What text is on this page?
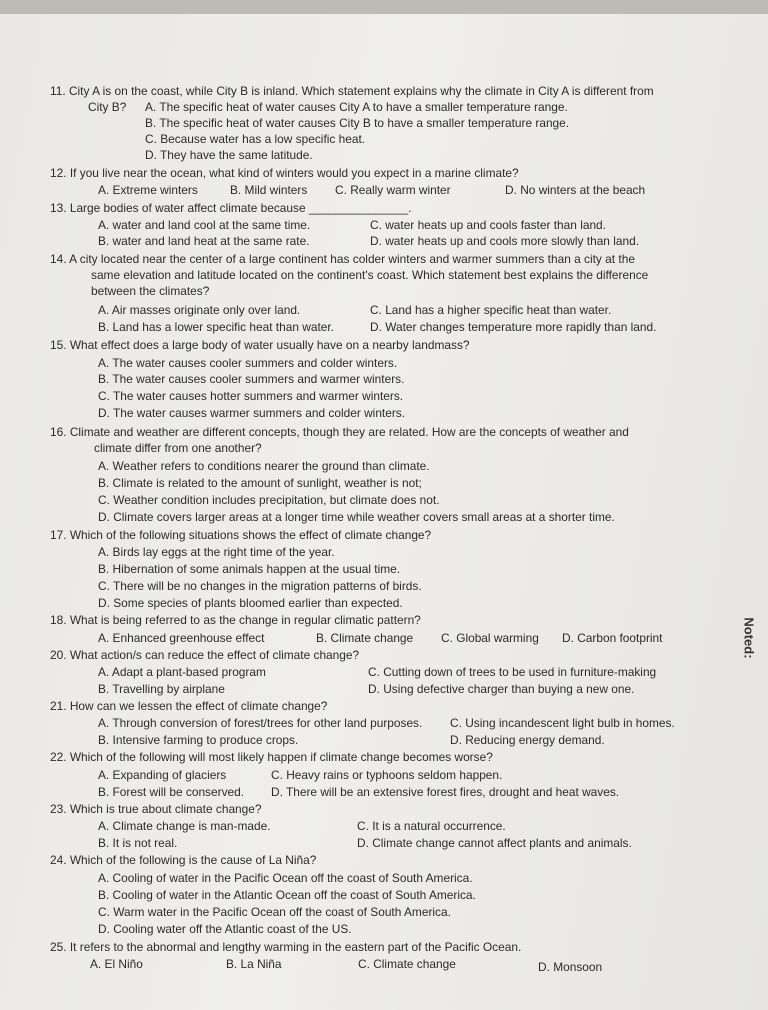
11. City A is on the coast, while City B is inland. Which statement explains why the climate in City A is different from
City B? A. The specific heat of water causes City A to have a smaller temperature range.
B. The specific heat of water causes City B to have a smaller temperature range.
C. Because water has a low specific heat.
D. They have the same latitude.
12. If you live near the ocean, what kind of winters would you expect in a marine climate?
A. Extreme winters	B. Mild winters C. Really warm winter	D. No winters at the beach
13. Large bodies of water affect climate because _______________.
A. water and land cool at the same time.	C. water heats up and cools faster than land.
B. water and land heat at the same rate.	D. water heats up and cools more slowly than land.
14. A city located near the center of a large continent has colder winters and warmer summers than a city at the
same elevation and latitude located on the continent's coast. Which statement best explains the difference
between the climates?
A. Air masses originate only over land.	C. Land has a higher specific heat than water.
B. Land has a lower specific heat than water.	D. Water changes temperature more rapidly than land.
15. What effect does a large body of water usually have on a nearby landmass?
A. The water causes cooler summers and colder winters.
B. The water causes cooler summers and warmer winters.
C. The water causes hotter summers and warmer winters.
D. The water causes warmer summers and colder winters.
16. Climate and weather are different concepts, though they are related. How are the concepts of weather and
climate differ from one another?
A. Weather refers to conditions nearer the ground than climate.
B. Climate is related to the amount of sunlight, weather is not;
C. Weather condition includes precipitation, but climate does not.
D. Climate covers larger areas at a longer time while weather covers small areas at a shorter time.
17. Which of the following situations shows the effect of climate change?
A. Birds lay eggs at the right time of the year.
B. Hibernation of some animals happen at the usual time.
C. There will be no changes in the migration patterns of birds.
D. Some species of plants bloomed earlier than expected.
18. What is being referred to as the change in regular climatic pattern?
A. Enhanced greenhouse effect	B. Climate change C. Global warming D. Carbon footprint
20. What action/s can reduce the effect of climate change?
A. Adapt a plant-based program	C. Cutting down of trees to be used in furniture-making
B. Travelling by airplane	D. Using defective charger than buying a new one.
21. How can we lessen the effect of climate change?
A. Through conversion of forest/trees for other land purposes. C. Using incandescent light bulb in homes.
B. Intensive farming to produce crops.	D. Reducing energy demand.
22. Which of the following will most likely happen if climate change becomes worse?
A. Expanding of glaciers	C. Heavy rains or typhoons seldom happen.
B. Forest will be conserved. D. There will be an extensive forest fires, drought and heat waves.
23. Which is true about climate change?
A. Climate change is man-made.	C. It is a natural occurrence.
B. It is not real.	D. Climate change cannot affect plants and animals.
24. Which of the following is the cause of La Niña?
A. Cooling of water in the Pacific Ocean off the coast of South America.
B. Cooling of water in the Atlantic Ocean off the coast of South America.
C. Warm water in the Pacific Ocean off the coast of South America.
D. Cooling water off the Atlantic coast of the US.
25. It refers to the abnormal and lengthy warming in the eastern part of the Pacific Ocean.
A. El Niño	B. La Niña	C. Climate change	D. Monsoon
Noted:
